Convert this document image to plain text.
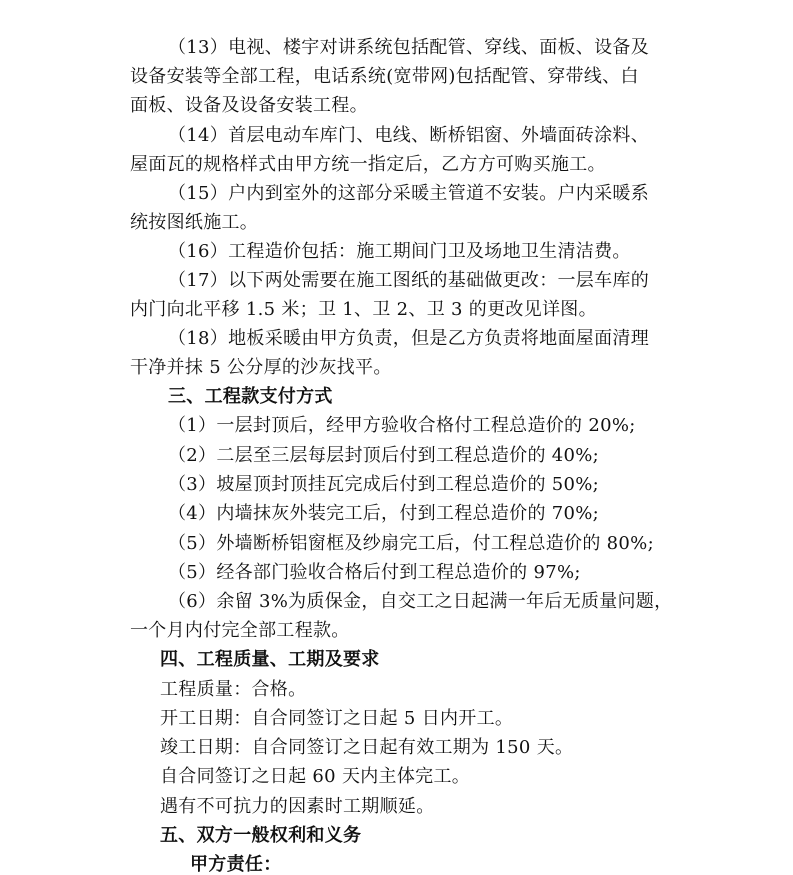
（13）电视、楼宇对讲系统包括配管、穿线、面板、设备及
设备安装等全部工程，电话系统(宽带网)包括配管、穿带线、白
面板、设备及设备安装工程。
（14）首层电动车库门、电线、断桥铝窗、外墙面砖涂料、
屋面瓦的规格样式由甲方统一指定后，乙方方可购买施工。
（15）户内到室外的这部分采暖主管道不安装。户内采暖系
统按图纸施工。
（16）工程造价包括：施工期间门卫及场地卫生清洁费。
（17）以下两处需要在施工图纸的基础做更改：一层车库的
内门向北平移 1.5 米；卫 1、卫 2、卫 3 的更改见详图。
（18）地板采暖由甲方负责，但是乙方负责将地面屋面清理
干净并抹 5 公分厚的沙灰找平。
三、工程款支付方式
（1）一层封顶后，经甲方验收合格付工程总造价的 20%;
（2）二层至三层每层封顶后付到工程总造价的 40%;
（3）坡屋顶封顶挂瓦完成后付到工程总造价的 50%;
（4）内墙抹灰外装完工后，付到工程总造价的 70%;
（5）外墙断桥铝窗框及纱扇完工后，付工程总造价的 80%;
（5）经各部门验收合格后付到工程总造价的 97%;
（6）余留 3%为质保金，自交工之日起满一年后无质量问题，
一个月内付完全部工程款。
四、工程质量、工期及要求
工程质量：合格。
开工日期：自合同签订之日起 5 日内开工。
竣工日期：自合同签订之日起有效工期为 150 天。
自合同签订之日起 60 天内主体完工。
遇有不可抗力的因素时工期顺延。
五、双方一般权利和义务
甲方责任：
